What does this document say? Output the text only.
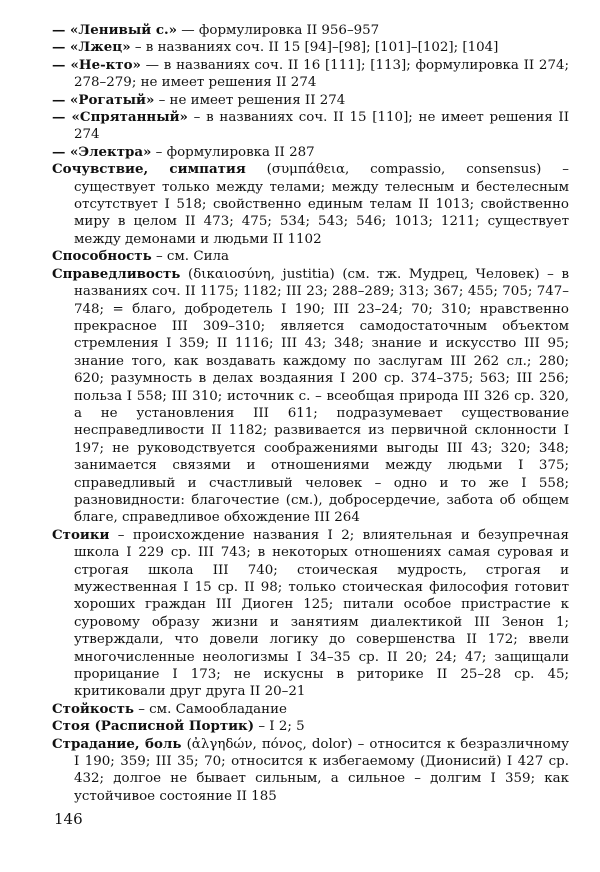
— «Ленивый с.» — формулировка II 956–957

— «Лжец» – в названиях соч. II 15 [94]–[98]; [101]–[102]; [104]

— «Не-кто» — в названиях соч. II 16 [111]; [113]; формулировка II 274; 278–279; не имеет решения II 274

— «Рогатый» – не имеет решения II 274

— «Спрятанный» – в названиях соч. II 15 [110]; не имеет решения II 274

— «Электра» – формулировка II 287

Сочувствие, симпатия (συμπάθεια, compassio, consensus) – существует только между телами; между телесным и бестелесным отсутствует I 518; свойственно единым телам II 1013; свойственно миру в целом II 473; 475; 534; 543; 546; 1013; 1211; существует между демонами и людьми II 1102

Способность – см. Сила

Справедливость (δικαιοσύνη, justitia) (см. тж. Мудрец, Человек) – в названиях соч. II 1175; 1182; III 23; 288–289; 313; 367; 455; 705; 747–748; = благо, добродетель I 190; III 23–24; 70; 310; нравственно прекрасное III 309–310; является самодостаточным объектом стремления I 359; II 1116; III 43; 348; знание и искусство III 95; знание того, как воздавать каждому по заслугам III 262 сл.; 280; 620; разумность в делах воздаяния I 200 ср. 374–375; 563; III 256; польза I 558; III 310; источник с. – всеобщая природа III 326 ср. 320, а не установления III 611; подразумевает существование несправедливости II 1182; развивается из первичной склонности I 197; не руководствуется соображениями выгоды III 43; 320; 348; занимается связями и отношениями между людьми I 375; справедливый и счастливый человек – одно и то же I 558; разновидности: благочестие (см.), добросердечие, забота об общем благе, справедливое обхождение III 264

Стоики – происхождение названия I 2; влиятельная и безупречная школа I 229 ср. III 743; в некоторых отношениях самая суровая и строгая школа III 740; стоическая мудрость, строгая и мужественная I 15 ср. II 98; только стоическая философия готовит хороших граждан III Диоген 125; питали особое пристрастие к суровому образу жизни и занятиям диалектикой III Зенон 1; утверждали, что довели логику до совершенства II 172; ввели многочисленные неологизмы I 34–35 ср. II 20; 24; 47; защищали прорицание I 173; не искусны в риторике II 25–28 ср. 45; критиковали друг друга II 20–21

Стойкость – см. Самообладание

Стоя (Расписной Портик) – I 2; 5

Страдание, боль (ἀλγηδών, πόνος, dolor) – относится к безразличному I 190; 359; III 35; 70; относится к избегаемому (Дионисий) I 427 ср. 432; долгое не бывает сильным, а сильное – долгим I 359; как устойчивое состояние II 185

146
